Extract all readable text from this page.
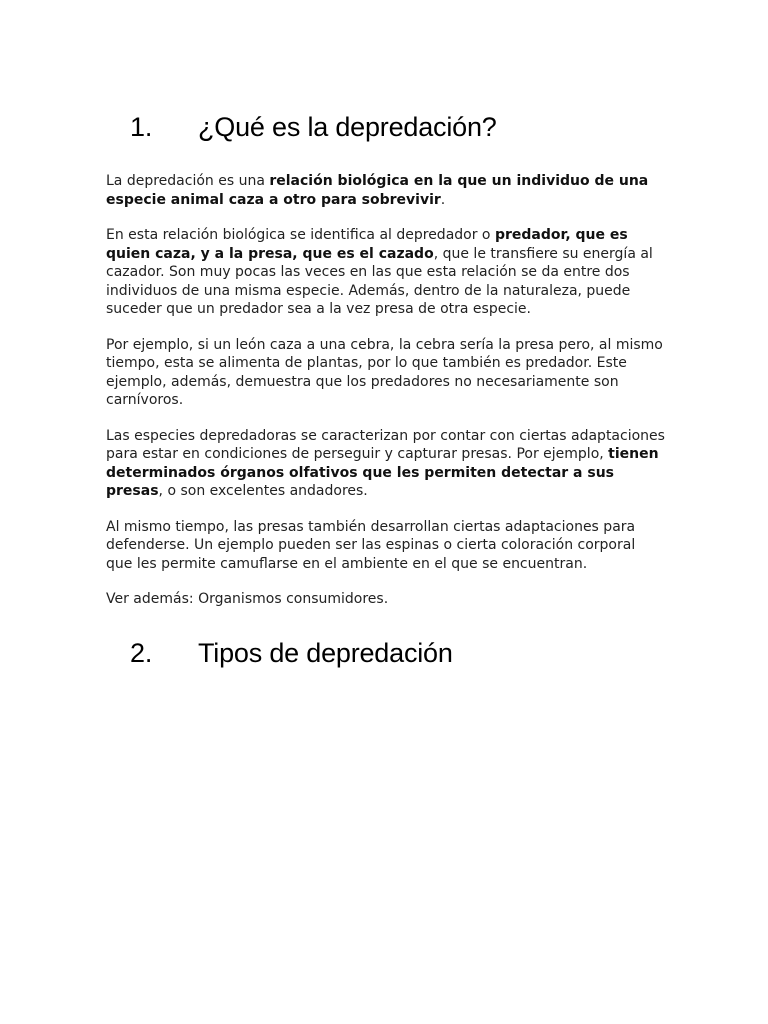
1. ¿Qué es la depredación?

La depredación es una relación biológica en la que un individuo de una especie animal caza a otro para sobrevivir.

En esta relación biológica se identifica al depredador o predador, que es quien caza, y a la presa, que es el cazado, que le transfiere su energía al cazador. Son muy pocas las veces en las que esta relación se da entre dos individuos de una misma especie. Además, dentro de la naturaleza, puede suceder que un predador sea a la vez presa de otra especie.

Por ejemplo, si un león caza a una cebra, la cebra sería la presa pero, al mismo tiempo, esta se alimenta de plantas, por lo que también es predador. Este ejemplo, además, demuestra que los predadores no necesariamente son carnívoros.

Las especies depredadoras se caracterizan por contar con ciertas adaptaciones para estar en condiciones de perseguir y capturar presas. Por ejemplo, tienen determinados órganos olfativos que les permiten detectar a sus presas, o son excelentes andadores.

Al mismo tiempo, las presas también desarrollan ciertas adaptaciones para defenderse. Un ejemplo pueden ser las espinas o cierta coloración corporal que les permite camuflarse en el ambiente en el que se encuentran.

Ver además: Organismos consumidores.

2. Tipos de depredación
